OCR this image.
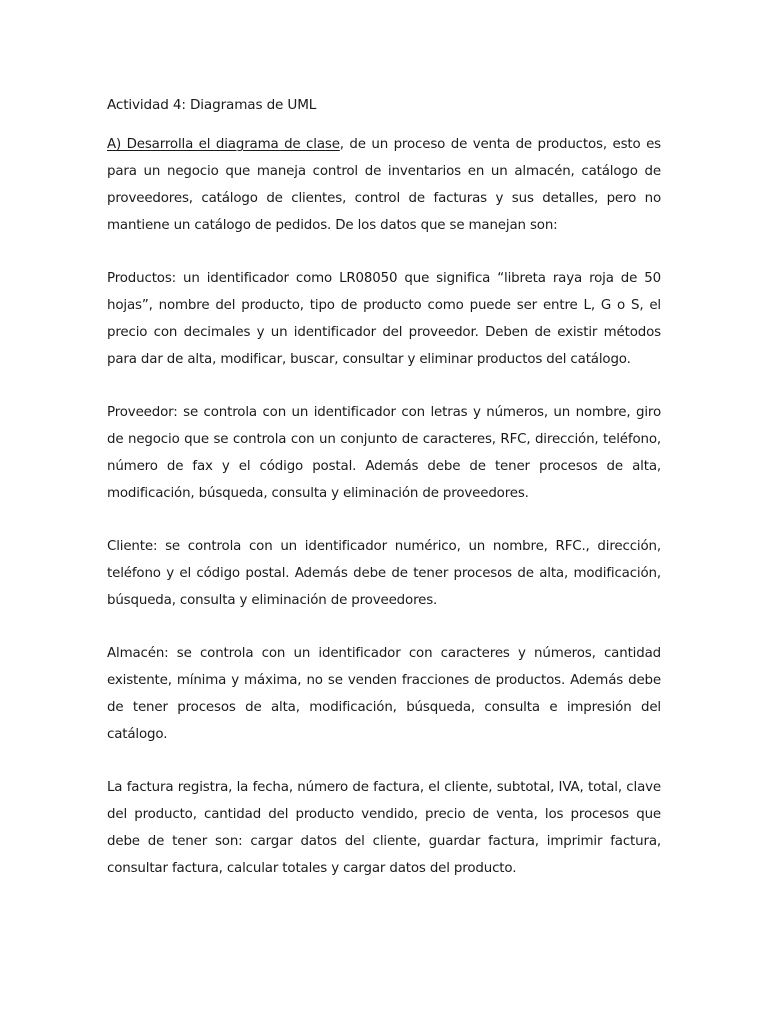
Actividad 4: Diagramas de UML

A) Desarrolla el diagrama de clase, de un proceso de venta de productos, esto es para un negocio que maneja control de inventarios en un almacén, catálogo de proveedores, catálogo de clientes, control de facturas y sus detalles, pero no mantiene un catálogo de pedidos. De los datos que se manejan son:

Productos: un identificador como LR08050 que significa “libreta raya roja de 50 hojas”, nombre del producto, tipo de producto como puede ser entre L, G o S, el precio con decimales y un identificador del proveedor. Deben de existir métodos para dar de alta, modificar, buscar, consultar y eliminar productos del catálogo.

Proveedor: se controla con un identificador con letras y números, un nombre, giro de negocio que se controla con un conjunto de caracteres, RFC, dirección, teléfono, número de fax y el código postal. Además debe de tener procesos de alta, modificación, búsqueda, consulta y eliminación de proveedores.

Cliente: se controla con un identificador numérico, un nombre, RFC., dirección, teléfono y el código postal. Además debe de tener procesos de alta, modificación, búsqueda, consulta y eliminación de proveedores.

Almacén: se controla con un identificador con caracteres y números, cantidad existente, mínima y máxima, no se venden fracciones de productos. Además debe de tener procesos de alta, modificación, búsqueda, consulta e impresión del catálogo.

La factura registra, la fecha, número de factura, el cliente, subtotal, IVA, total, clave del producto, cantidad del producto vendido, precio de venta, los procesos que debe de tener son: cargar datos del cliente, guardar factura, imprimir factura, consultar factura, calcular totales y cargar datos del producto.
